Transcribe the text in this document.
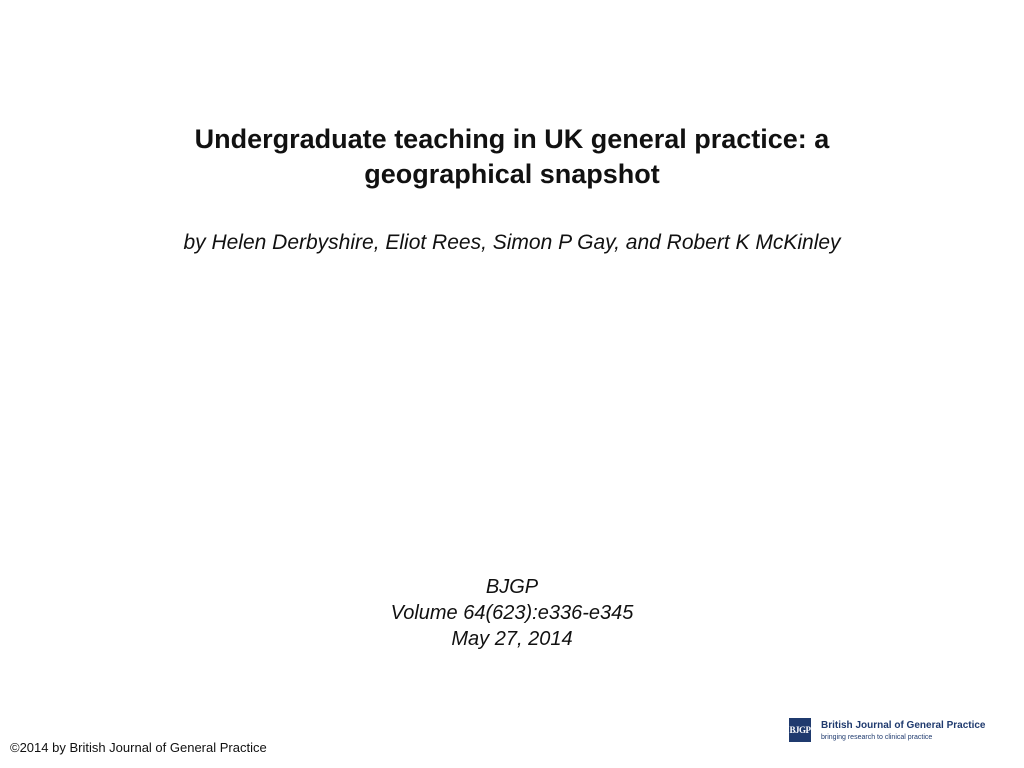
Undergraduate teaching in UK general practice: a geographical snapshot

by Helen Derbyshire, Eliot Rees, Simon P Gay, and Robert K McKinley

BJGP
Volume 64(623):e336-e345
May 27, 2014
©2014 by British Journal of General Practice
BJGP British Journal of General Practice
bringing research to clinical practice
